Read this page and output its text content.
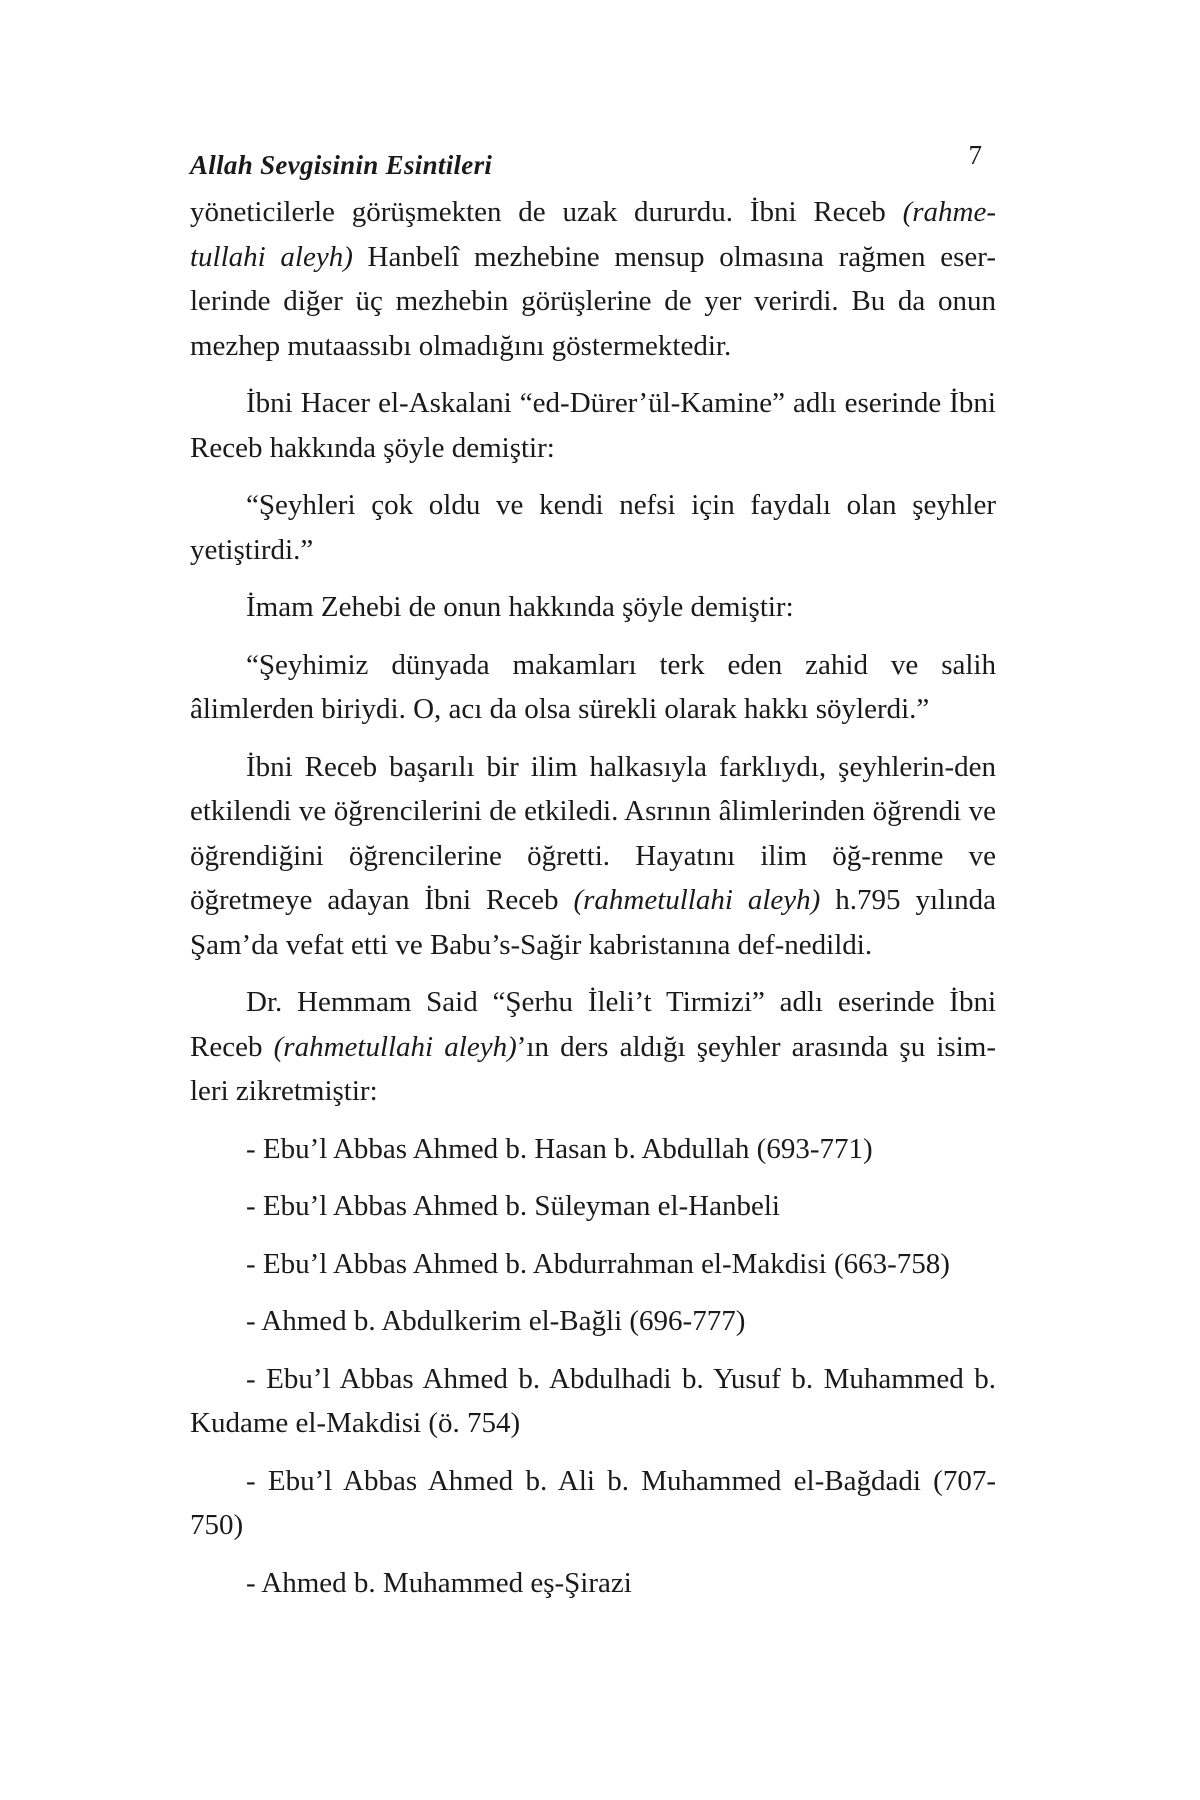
Allah Sevgisinin Esintileri	7

yöneticilerle görüşmekten de uzak dururdu. İbni Receb (rahme-tullahi aleyh) Hanbelî mezhebine mensup olmasına rağmen eser-lerinde diğer üç mezhebin görüşlerine de yer verirdi. Bu da onun mezhep mutaassıbı olmadığını göstermektedir.

İbni Hacer el-Askalani “ed-Dürer’ül-Kamine” adlı eserinde İbni Receb hakkında şöyle demiştir:

“Şeyhleri çok oldu ve kendi nefsi için faydalı olan şeyhler yetiştirdi.”

İmam Zehebi de onun hakkında şöyle demiştir:

“Şeyhimiz dünyada makamları terk eden zahid ve salih âlimlerden biriydi. O, acı da olsa sürekli olarak hakkı söylerdi.”

İbni Receb başarılı bir ilim halkasıyla farklıydı, şeyhlerin-den etkilendi ve öğrencilerini de etkiledi. Asrının âlimlerinden öğrendi ve öğrendiğini öğrencilerine öğretti. Hayatını ilim öğ-renme ve öğretmeye adayan İbni Receb (rahmetullahi aleyh) h.795 yılında Şam’da vefat etti ve Babu’s-Sağir kabristanına def-nedildi.

Dr. Hemmam Said “Şerhu İleli’t Tirmizi” adlı eserinde İbni Receb (rahmetullahi aleyh)’ın ders aldığı şeyhler arasında şu isim-leri zikretmiştir:

- Ebu’l Abbas Ahmed b. Hasan b. Abdullah (693-771)
- Ebu’l Abbas Ahmed b. Süleyman el-Hanbeli
- Ebu’l Abbas Ahmed b. Abdurrahman el-Makdisi (663-758)
- Ahmed b. Abdulkerim el-Bağli (696-777)
- Ebu’l Abbas Ahmed b. Abdulhadi b. Yusuf b. Muhammed b. Kudame el-Makdisi (ö. 754)
- Ebu’l Abbas Ahmed b. Ali b. Muhammed el-Bağdadi (707-750)
- Ahmed b. Muhammed eş-Şirazi
